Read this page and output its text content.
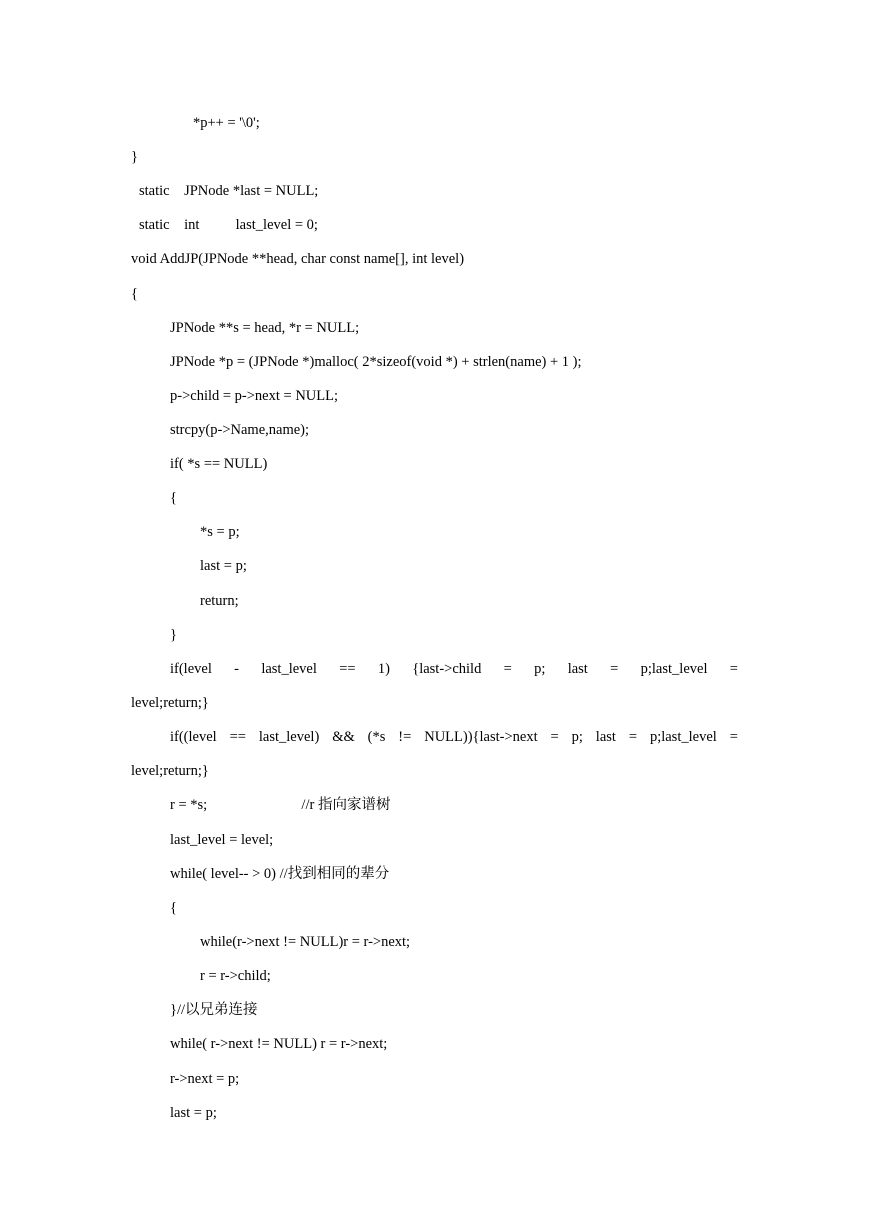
*p++ = '\0';
}
static    JPNode *last = NULL;
static    int          last_level = 0;
void AddJP(JPNode **head, char const name[], int level)
{
JPNode **s = head, *r = NULL;
JPNode *p = (JPNode *)malloc( 2*sizeof(void *) + strlen(name) + 1 );
p->child = p->next = NULL;
strcpy(p->Name,name);
if( *s == NULL)
{
*s = p;
last = p;
return;
}
if(level - last_level == 1) {last->child = p; last = p;last_level =
level;return;}
if((level == last_level) && (*s != NULL)){last->next = p; last = p;last_level =
level;return;}
r = *s;                          //r 指向家谱树
last_level = level;
while( level-- > 0) //找到相同的辈分
{
while(r->next != NULL)r = r->next;
r = r->child;
}//以兄弟连接
while( r->next != NULL) r = r->next;
r->next = p;
last = p;
